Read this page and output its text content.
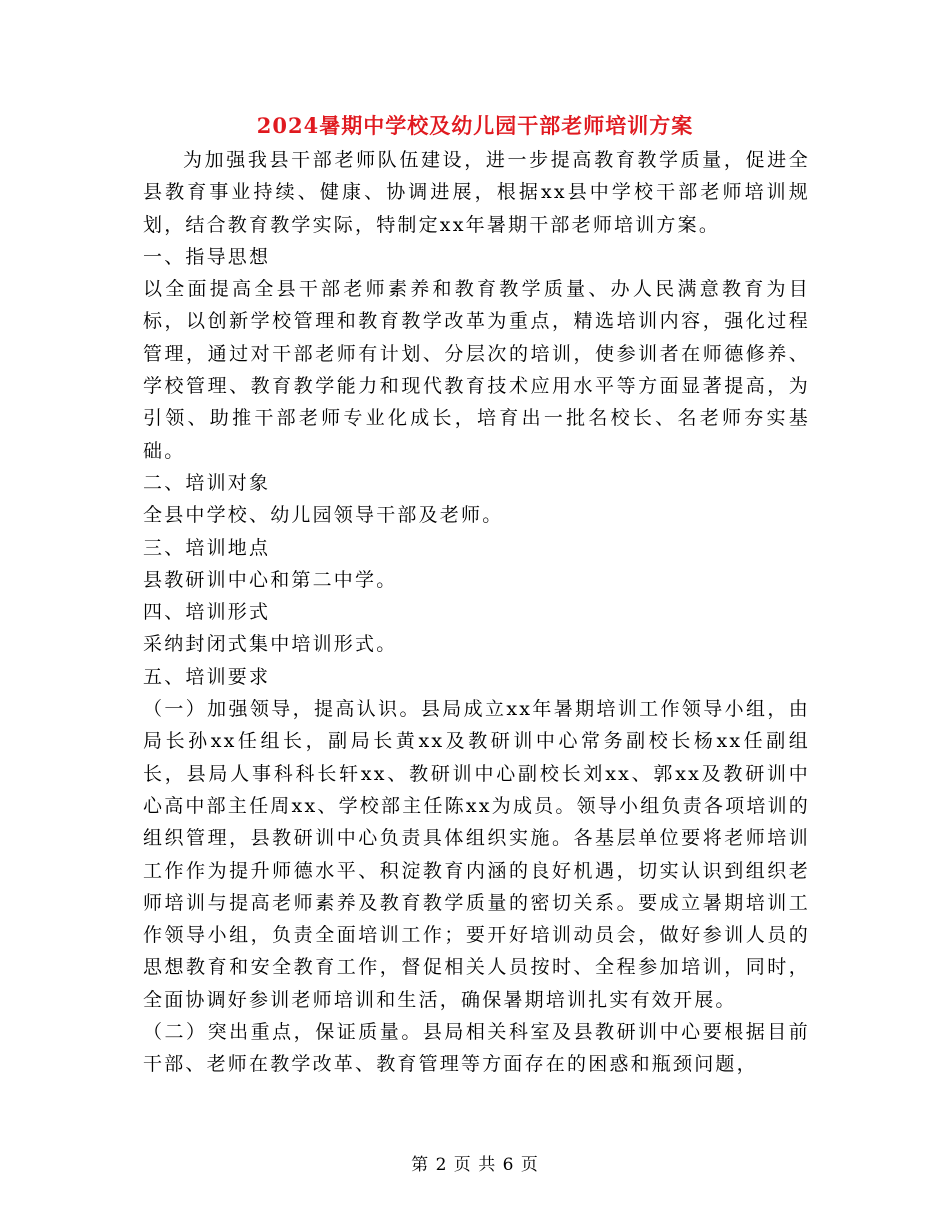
2024暑期中学校及幼儿园干部老师培训方案

为加强我县干部老师队伍建设，进一步提高教育教学质量，促进全县教育事业持续、健康、协调进展，根据xx县中学校干部老师培训规划，结合教育教学实际，特制定xx年暑期干部老师培训方案。

一、指导思想

以全面提高全县干部老师素养和教育教学质量、办人民满意教育为目标，以创新学校管理和教育教学改革为重点，精选培训内容，强化过程管理，通过对干部老师有计划、分层次的培训，使参训者在师德修养、学校管理、教育教学能力和现代教育技术应用水平等方面显著提高，为引领、助推干部老师专业化成长，培育出一批名校长、名老师夯实基础。

二、培训对象

全县中学校、幼儿园领导干部及老师。

三、培训地点

县教研训中心和第二中学。

四、培训形式

采纳封闭式集中培训形式。

五、培训要求

（一）加强领导，提高认识。县局成立xx年暑期培训工作领导小组，由局长孙xx任组长，副局长黄xx及教研训中心常务副校长杨xx任副组长，县局人事科科长轩xx、教研训中心副校长刘xx、郭xx及教研训中心高中部主任周xx、学校部主任陈xx为成员。领导小组负责各项培训的组织管理，县教研训中心负责具体组织实施。各基层单位要将老师培训工作作为提升师德水平、积淀教育内涵的良好机遇，切实认识到组织老师培训与提高老师素养及教育教学质量的密切关系。要成立暑期培训工作领导小组，负责全面培训工作；要开好培训动员会，做好参训人员的思想教育和安全教育工作，督促相关人员按时、全程参加培训，同时，全面协调好参训老师培训和生活，确保暑期培训扎实有效开展。

（二）突出重点，保证质量。县局相关科室及县教研训中心要根据目前干部、老师在教学改革、教育管理等方面存在的困惑和瓶颈问题，

第 2 页 共 6 页
